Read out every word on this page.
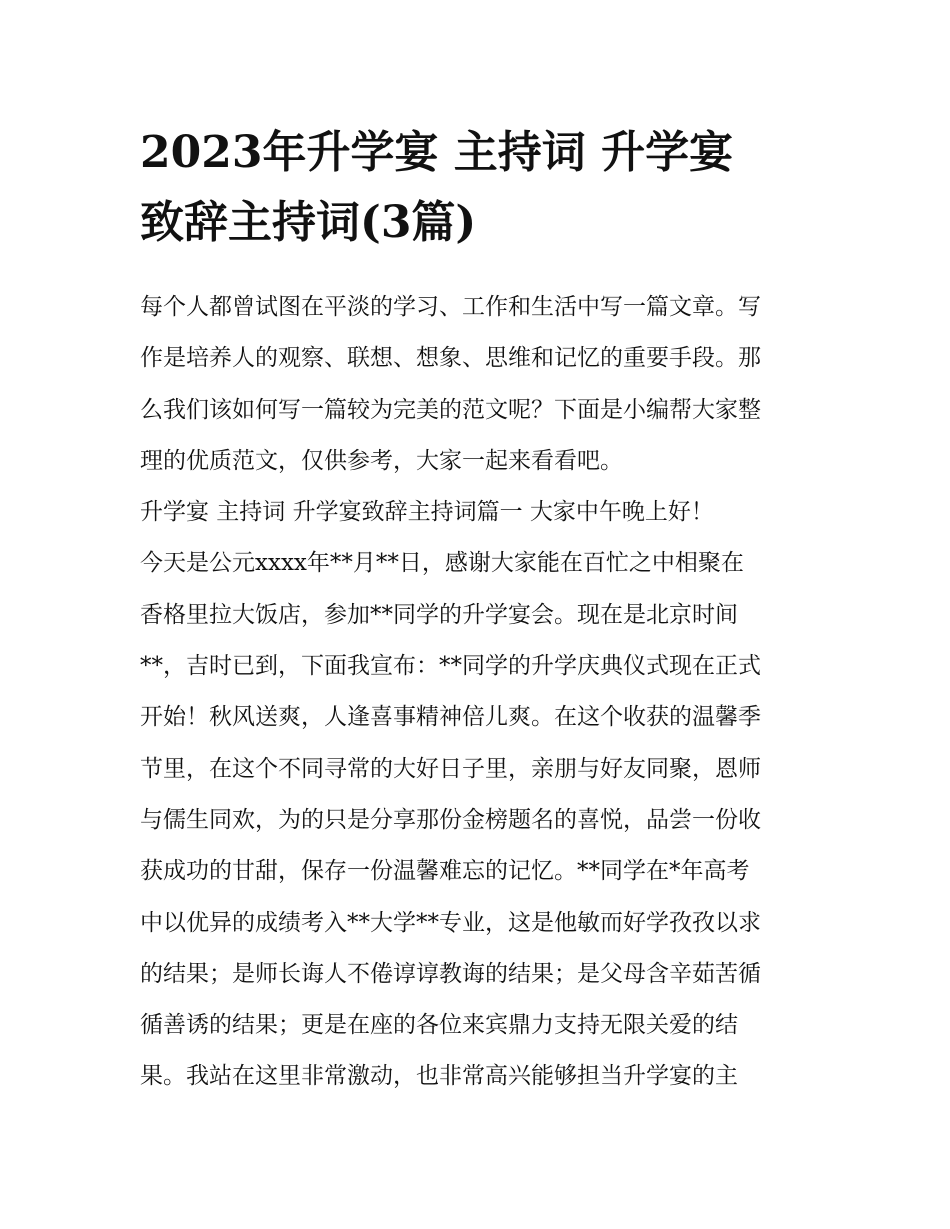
2023年升学宴 主持词 升学宴
致辞主持词(3篇)

每个人都曾试图在平淡的学习、工作和生活中写一篇文章。写

作是培养人的观察、联想、想象、思维和记忆的重要手段。那

么我们该如何写一篇较为完美的范文呢？下面是小编帮大家整

理的优质范文，仅供参考，大家一起来看看吧。

升学宴 主持词 升学宴致辞主持词篇一 大家中午晚上好！

今天是公元xxxx年**月**日，感谢大家能在百忙之中相聚在

香格里拉大饭店，参加**同学的升学宴会。现在是北京时间

**，吉时已到，下面我宣布：**同学的升学庆典仪式现在正式

开始！秋风送爽，人逢喜事精神倍儿爽。在这个收获的温馨季

节里，在这个不同寻常的大好日子里，亲朋与好友同聚，恩师

与儒生同欢，为的只是分享那份金榜题名的喜悦，品尝一份收

获成功的甘甜，保存一份温馨难忘的记忆。**同学在*年高考

中以优异的成绩考入**大学**专业，这是他敏而好学孜孜以求

的结果；是师长诲人不倦谆谆教诲的结果；是父母含辛茹苦循

循善诱的结果；更是在座的各位来宾鼎力支持无限关爱的结

果。我站在这里非常激动，也非常高兴能够担当升学宴的主
